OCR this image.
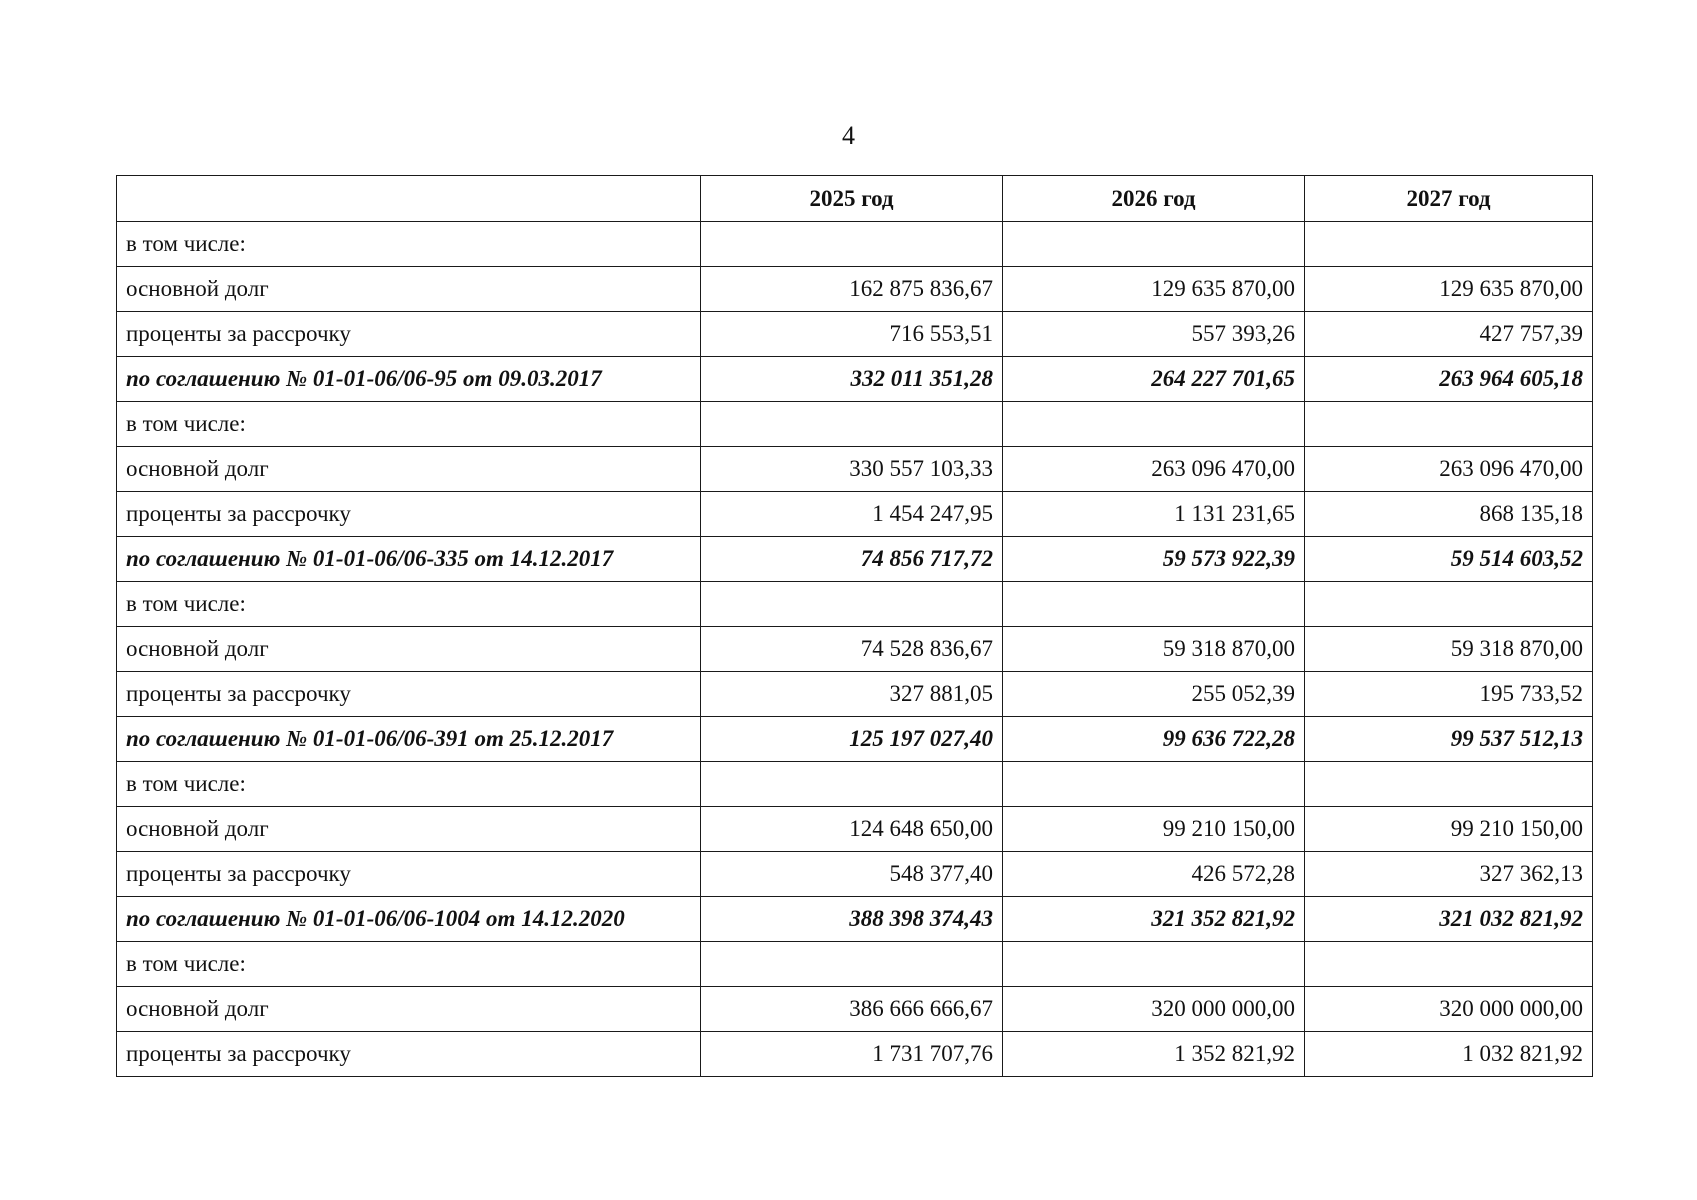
4
	2025 год	2026 год	2027 год
в том числе:			
основной долг	162 875 836,67	129 635 870,00	129 635 870,00
проценты за рассрочку	716 553,51	557 393,26	427 757,39
по соглашению № 01-01-06/06-95 от 09.03.2017	332 011 351,28	264 227 701,65	263 964 605,18
в том числе:			
основной долг	330 557 103,33	263 096 470,00	263 096 470,00
проценты за рассрочку	1 454 247,95	1 131 231,65	868 135,18
по соглашению № 01-01-06/06-335 от 14.12.2017	74 856 717,72	59 573 922,39	59 514 603,52
в том числе:			
основной долг	74 528 836,67	59 318 870,00	59 318 870,00
проценты за рассрочку	327 881,05	255 052,39	195 733,52
по соглашению № 01-01-06/06-391 от 25.12.2017	125 197 027,40	99 636 722,28	99 537 512,13
в том числе:			
основной долг	124 648 650,00	99 210 150,00	99 210 150,00
проценты за рассрочку	548 377,40	426 572,28	327 362,13
по соглашению № 01-01-06/06-1004 от 14.12.2020	388 398 374,43	321 352 821,92	321 032 821,92
в том числе:			
основной долг	386 666 666,67	320 000 000,00	320 000 000,00
проценты за рассрочку	1 731 707,76	1 352 821,92	1 032 821,92
